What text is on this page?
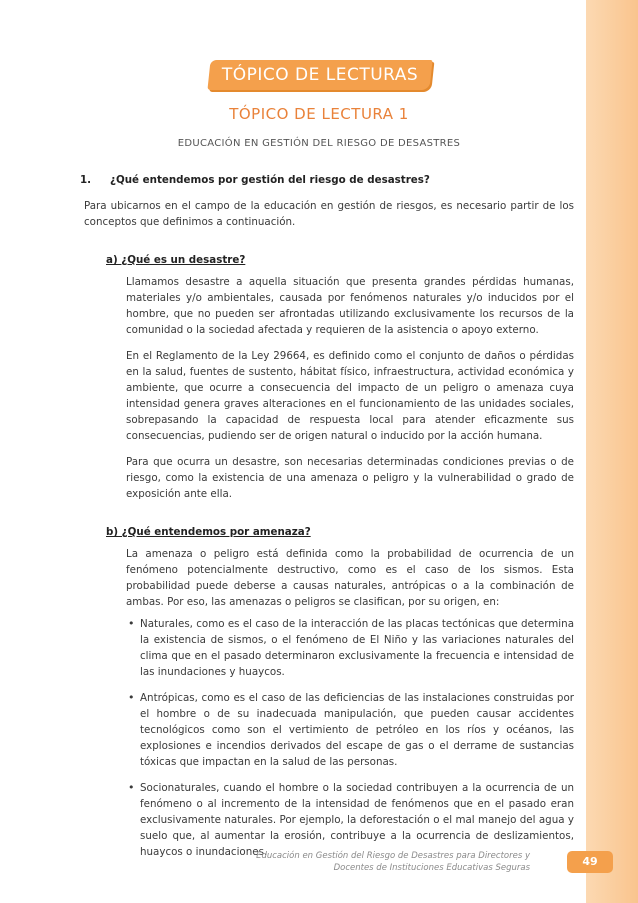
TÓPICO DE LECTURAS
TÓPICO DE LECTURA 1
EDUCACIÓN EN GESTIÓN DEL RIESGO DE DESASTRES
1. ¿Qué entendemos por gestión del riesgo de desastres?
Para ubicarnos en el campo de la educación en gestión de riesgos, es necesario partir de los conceptos que definimos a continuación.
a) ¿Qué es un desastre?
Llamamos desastre a aquella situación que presenta grandes pérdidas humanas, materiales y/o ambientales, causada por fenómenos naturales y/o inducidos por el hombre, que no pueden ser afrontadas utilizando exclusivamente los recursos de la comunidad o la sociedad afectada y requieren de la asistencia o apoyo externo.
En el Reglamento de la Ley 29664, es definido como el conjunto de daños o pérdidas en la salud, fuentes de sustento, hábitat físico, infraestructura, actividad económica y ambiente, que ocurre a consecuencia del impacto de un peligro o amenaza cuya intensidad genera graves alteraciones en el funcionamiento de las unidades sociales, sobrepasando la capacidad de respuesta local para atender eficazmente sus consecuencias, pudiendo ser de origen natural o inducido por la acción humana.
Para que ocurra un desastre, son necesarias determinadas condiciones previas o de riesgo, como la existencia de una amenaza o peligro y la vulnerabilidad o grado de exposición ante ella.
b) ¿Qué entendemos por amenaza?
La amenaza o peligro está definida como la probabilidad de ocurrencia de un fenómeno potencialmente destructivo, como es el caso de los sismos. Esta probabilidad puede deberse a causas naturales, antrópicas o a la combinación de ambas. Por eso, las amenazas o peligros se clasifican, por su origen, en:
• Naturales, como es el caso de la interacción de las placas tectónicas que determina la existencia de sismos, o el fenómeno de El Niño y las variaciones naturales del clima que en el pasado determinaron exclusivamente la frecuencia e intensidad de las inundaciones y huaycos.
• Antrópicas, como es el caso de las deficiencias de las instalaciones construidas por el hombre o de su inadecuada manipulación, que pueden causar accidentes tecnológicos como son el vertimiento de petróleo en los ríos y océanos, las explosiones e incendios derivados del escape de gas o el derrame de sustancias tóxicas que impactan en la salud de las personas.
• Socionaturales, cuando el hombre o la sociedad contribuyen a la ocurrencia de un fenómeno o al incremento de la intensidad de fenómenos que en el pasado eran exclusivamente naturales. Por ejemplo, la deforestación o el mal manejo del agua y suelo que, al aumentar la erosión, contribuye a la ocurrencia de deslizamientos, huaycos o inundaciones.
Educación en Gestión del Riesgo de Desastres para Directores y
Docentes de Instituciones Educativas Seguras	49
